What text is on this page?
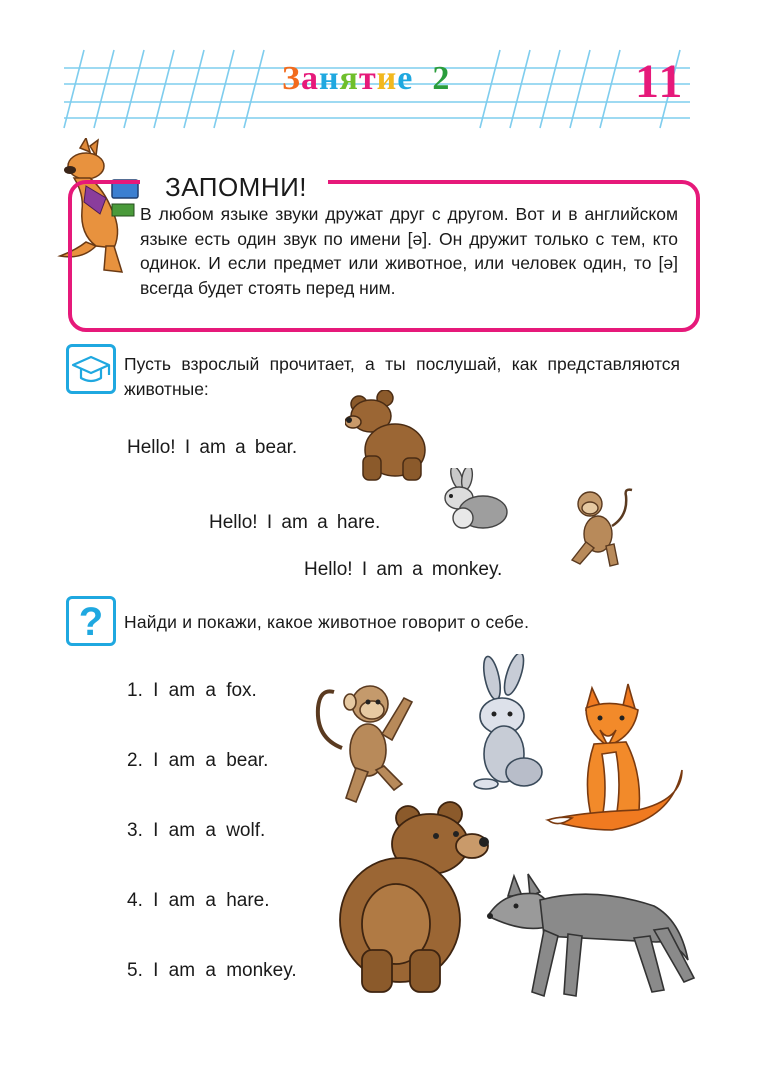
Занятие 2	11
ЗАПОМНИ!
В любом языке звуки дружат друг с другом. Вот и в английском языке есть один звук по имени [ə]. Он дружит только с тем, кто одинок. И если предмет или животное, или человек один, то [ə] всегда будет стоять перед ним.
Пусть взрослый прочитает, а ты послушай, как представляются животные:
Hello! I am a bear.
Hello! I am a hare.
Hello! I am a monkey.
?	Найди и покажи, какое животное говорит о себе.
1. I am a fox.
2. I am a bear.
3. I am a wolf.
4. I am a hare.
5. I am a monkey.
